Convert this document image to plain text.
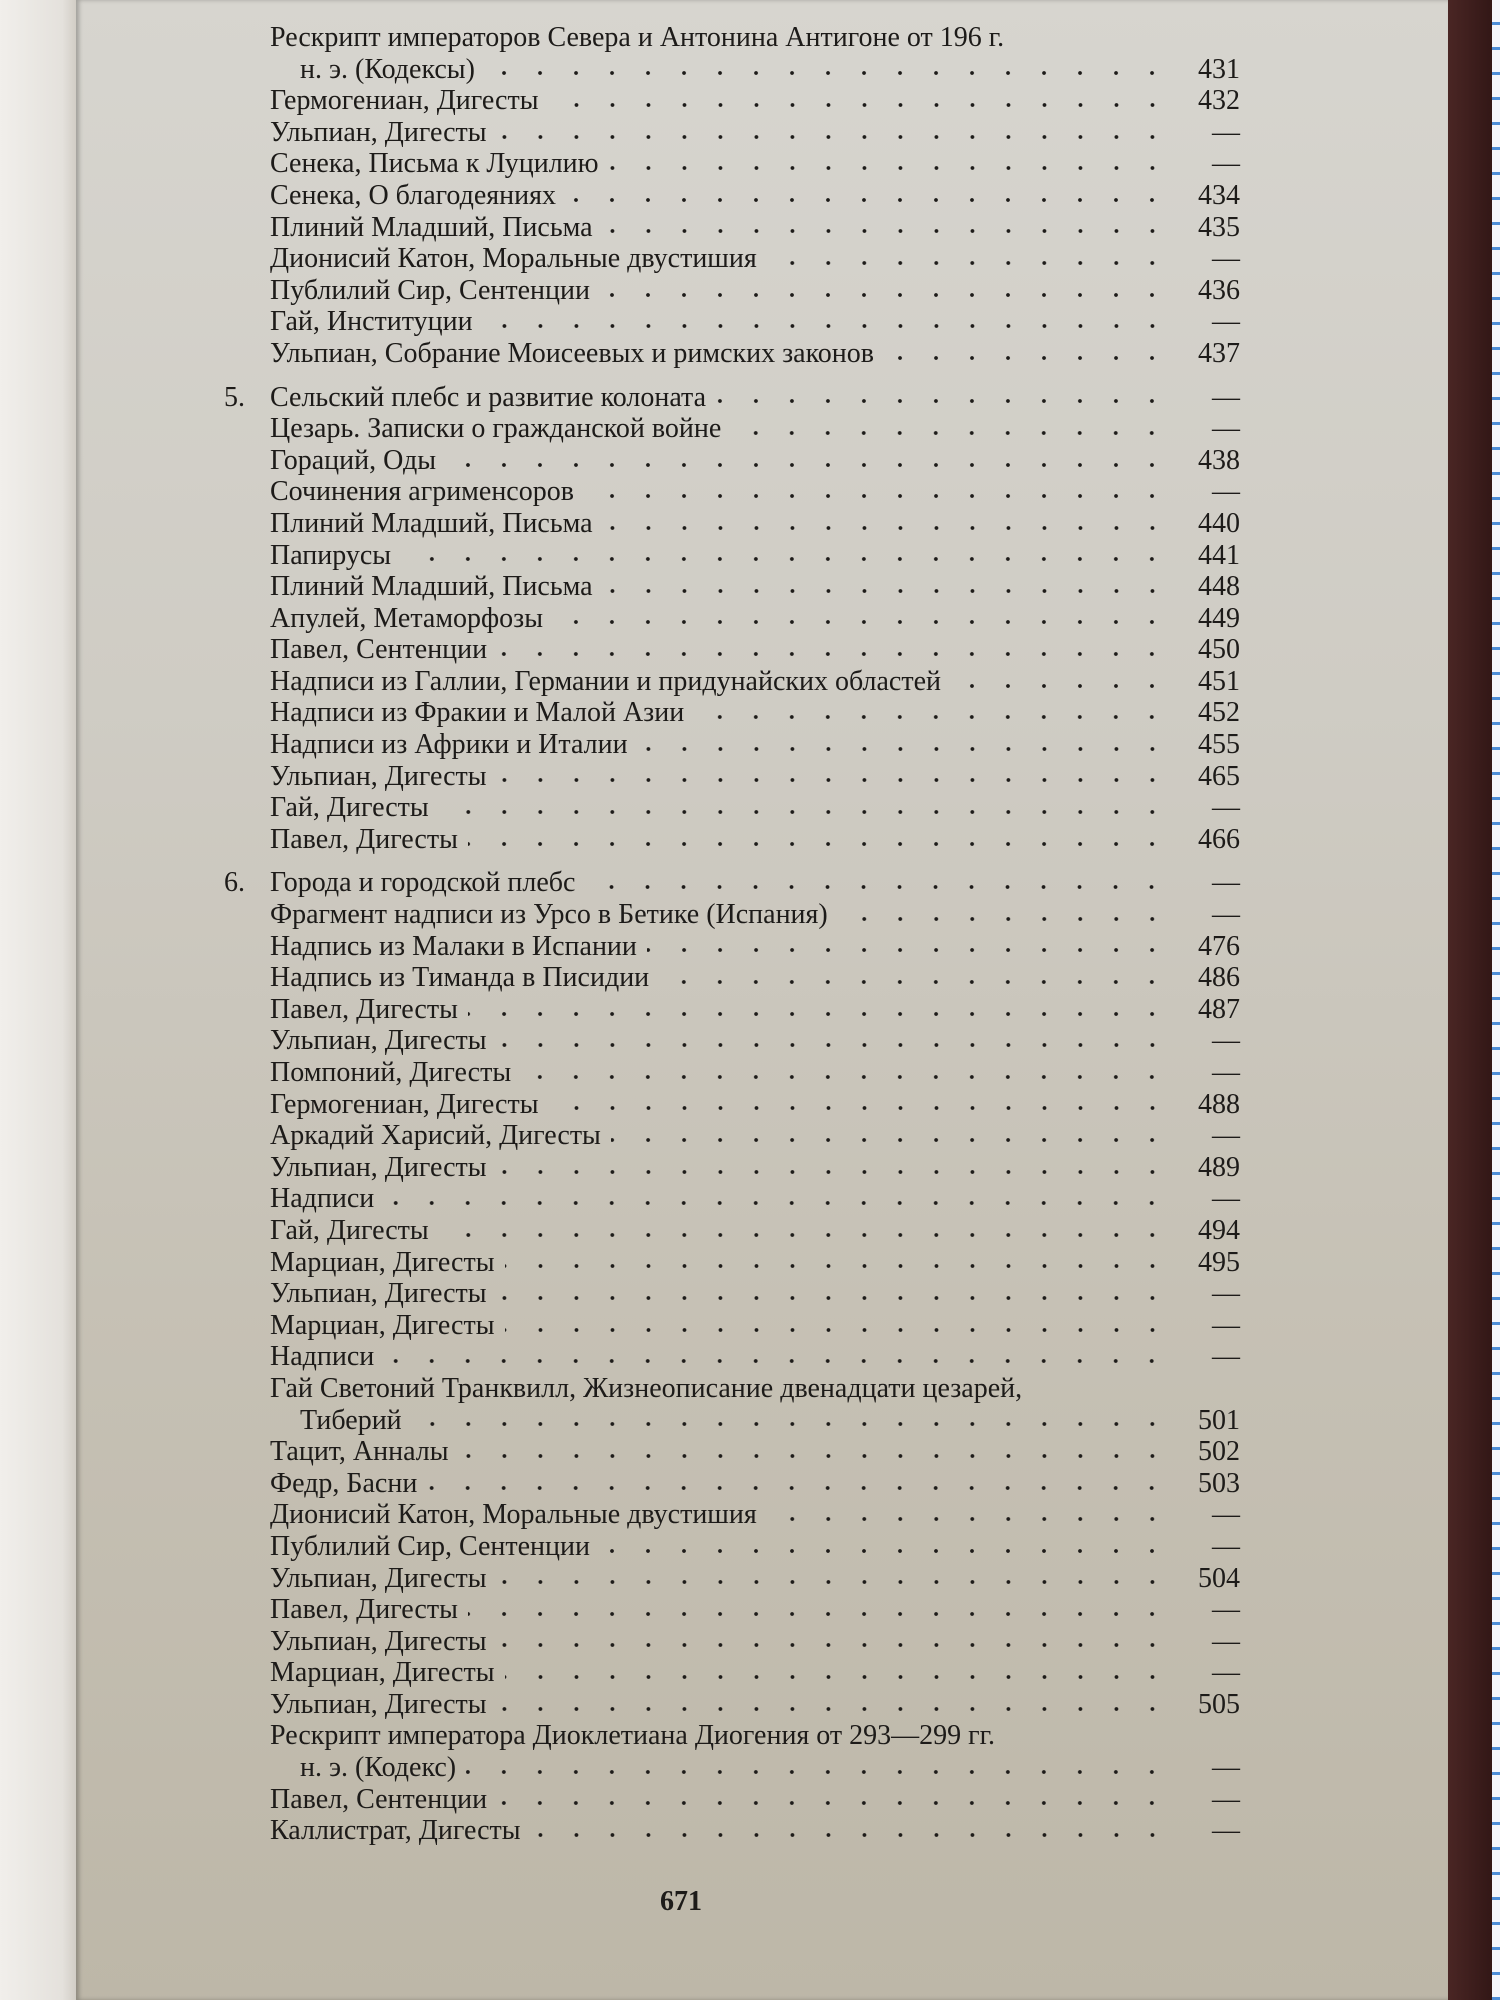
Рескрипт императоров Севера и Антонина Антигоне от 196 г.
н. э. (Кодексы)	431
Гермогениан, Дигесты	432
Ульпиан, Дигесты	—
Сенека, Письма к Луцилию	—
Сенека, О благодеяниях	434
Плиний Младший, Письма	435
Дионисий Катон, Моральные двустишия	—
Публилий Сир, Сентенции	436
Гай, Институции	—
Ульпиан, Собрание Моисеевых и римских законов	437
5. Сельский плебс и развитие колоната	—
Цезарь. Записки о гражданской войне	—
Гораций, Оды	438
Сочинения агрименсоров	—
Плиний Младший, Письма	440
Папирусы	441
Плиний Младший, Письма	448
Апулей, Метаморфозы	449
Павел, Сентенции	450
Надписи из Галлии, Германии и придунайских областей	451
Надписи из Фракии и Малой Азии	452
Надписи из Африки и Италии	455
Ульпиан, Дигесты	465
Гай, Дигесты	—
Павел, Дигесты	466
6. Города и городской плебс	—
Фрагмент надписи из Урсо в Бетике (Испания)	—
Надпись из Малаки в Испании	476
Надпись из Тиманда в Писидии	486
Павел, Дигесты	487
Ульпиан, Дигесты	—
Помпоний, Дигесты	—
Гермогениан, Дигесты	488
Аркадий Харисий, Дигесты	—
Ульпиан, Дигесты	489
Надписи	—
Гай, Дигесты	494
Марциан, Дигесты	495
Ульпиан, Дигесты	—
Марциан, Дигесты	—
Надписи	—
Гай Светоний Транквилл, Жизнеописание двенадцати цезарей,
Тиберий	501
Тацит, Анналы	502
Федр, Басни	503
Дионисий Катон, Моральные двустишия	—
Публилий Сир, Сентенции	—
Ульпиан, Дигесты	504
Павел, Дигесты	—
Ульпиан, Дигесты	—
Марциан, Дигесты	—
Ульпиан, Дигесты	505
Рескрипт императора Диоклетиана Диогения от 293—299 гг.
н. э. (Кодекс)	—
Павел, Сентенции	—
Каллистрат, Дигесты	—
671
